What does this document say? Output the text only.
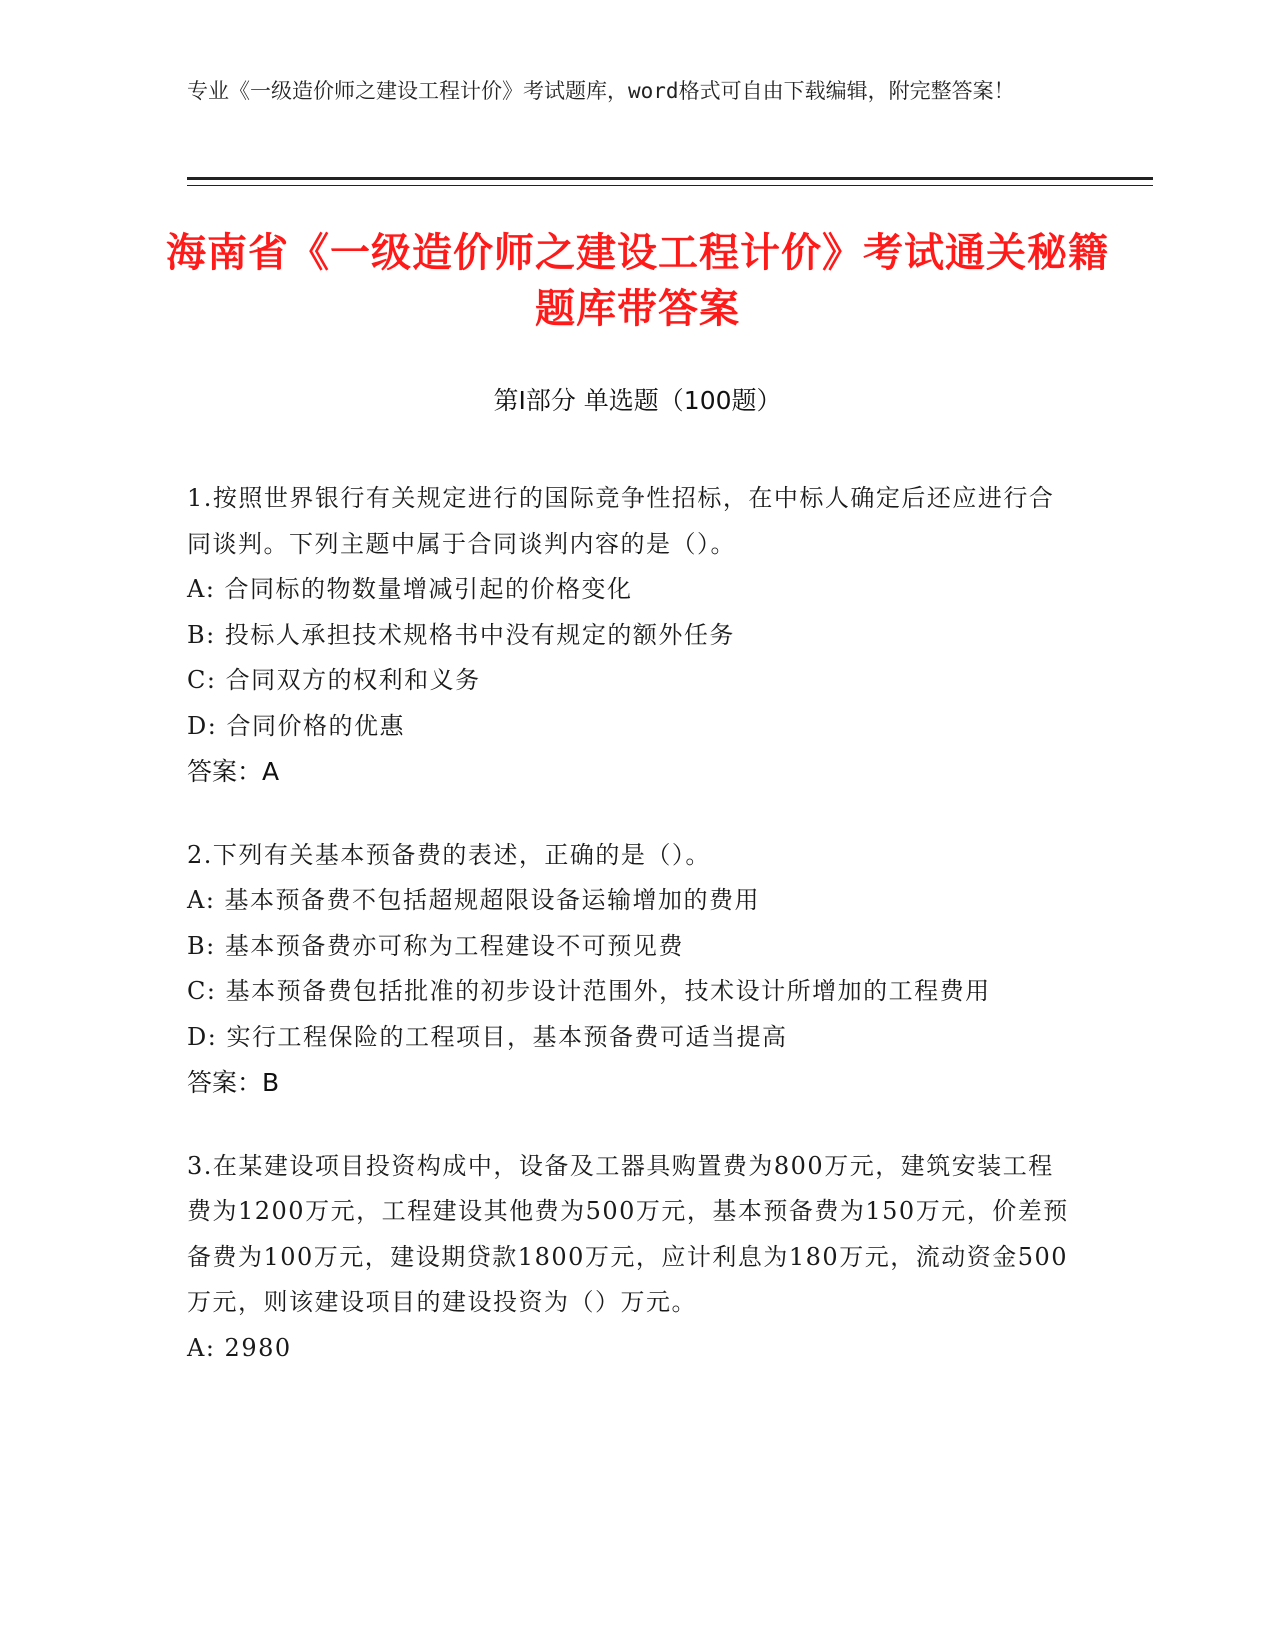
专业《一级造价师之建设工程计价》考试题库，word格式可自由下载编辑，附完整答案！
海南省《一级造价师之建设工程计价》考试通关秘籍题库带答案
第I部分 单选题（100题）

1.按照世界银行有关规定进行的国际竞争性招标，在中标人确定后还应进行合同谈判。下列主题中属于合同谈判内容的是（）。

A: 合同标的物数量增减引起的价格变化

B: 投标人承担技术规格书中没有规定的额外任务

C: 合同双方的权利和义务

D: 合同价格的优惠

答案：A

2.下列有关基本预备费的表述，正确的是（）。

A: 基本预备费不包括超规超限设备运输增加的费用

B: 基本预备费亦可称为工程建设不可预见费

C: 基本预备费包括批准的初步设计范围外，技术设计所增加的工程费用

D: 实行工程保险的工程项目，基本预备费可适当提高

答案：B

3.在某建设项目投资构成中，设备及工器具购置费为800万元，建筑安装工程费为1200万元，工程建设其他费为500万元，基本预备费为150万元，价差预备费为100万元，建设期贷款1800万元，应计利息为180万元，流动资金500万元，则该建设项目的建设投资为（）万元。

A: 2980
